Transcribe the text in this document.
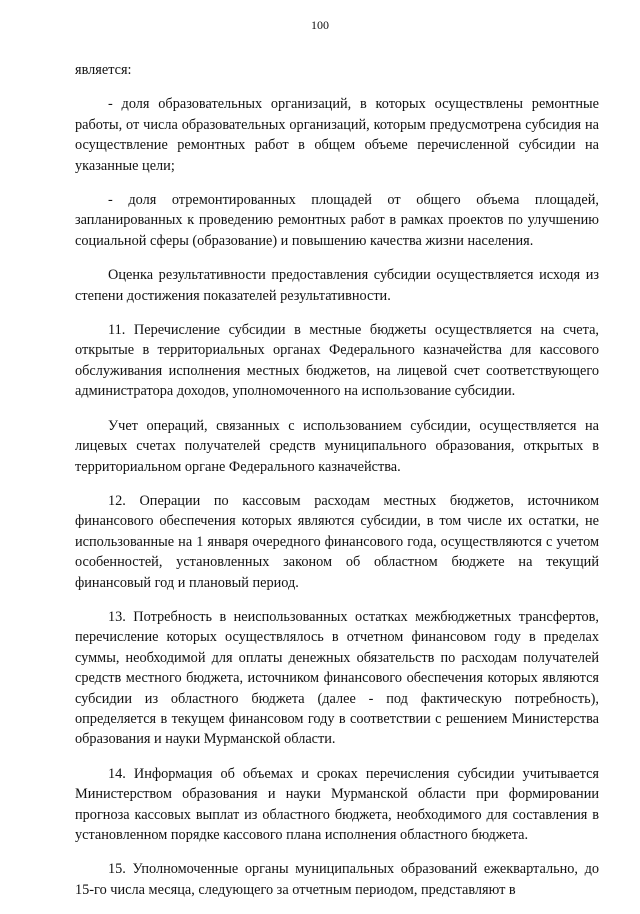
100

является:

- доля образовательных организаций, в которых осуществлены ремонтные работы, от числа образовательных организаций, которым предусмотрена субсидия на осуществление ремонтных работ в общем объеме перечисленной субсидии на указанные цели;

- доля отремонтированных площадей от общего объема площадей, запланированных к проведению ремонтных работ в рамках проектов по улучшению социальной сферы (образование) и повышению качества жизни населения.

Оценка результативности предоставления субсидии осуществляется исходя из степени достижения показателей результативности.

11. Перечисление субсидии в местные бюджеты осуществляется на счета, открытые в территориальных органах Федерального казначейства для кассового обслуживания исполнения местных бюджетов, на лицевой счет соответствующего администратора доходов, уполномоченного на использование субсидии.

Учет операций, связанных с использованием субсидии, осуществляется на лицевых счетах получателей средств муниципального образования, открытых в территориальном органе Федерального казначейства.

12. Операции по кассовым расходам местных бюджетов, источником финансового обеспечения которых являются субсидии, в том числе их остатки, не использованные на 1 января очередного финансового года, осуществляются с учетом особенностей, установленных законом об областном бюджете на текущий финансовый год и плановый период.

13. Потребность в неиспользованных остатках межбюджетных трансфертов, перечисление которых осуществлялось в отчетном финансовом году в пределах суммы, необходимой для оплаты денежных обязательств по расходам получателей средств местного бюджета, источником финансового обеспечения которых являются субсидии из областного бюджета (далее - под фактическую потребность), определяется в текущем финансовом году в соответствии с решением Министерства образования и науки Мурманской области.

14. Информация об объемах и сроках перечисления субсидии учитывается Министерством образования и науки Мурманской области при формировании прогноза кассовых выплат из областного бюджета, необходимого для составления в установленном порядке кассового плана исполнения областного бюджета.

15. Уполномоченные органы муниципальных образований ежеквартально, до 15-го числа месяца, следующего за отчетным периодом, представляют в
